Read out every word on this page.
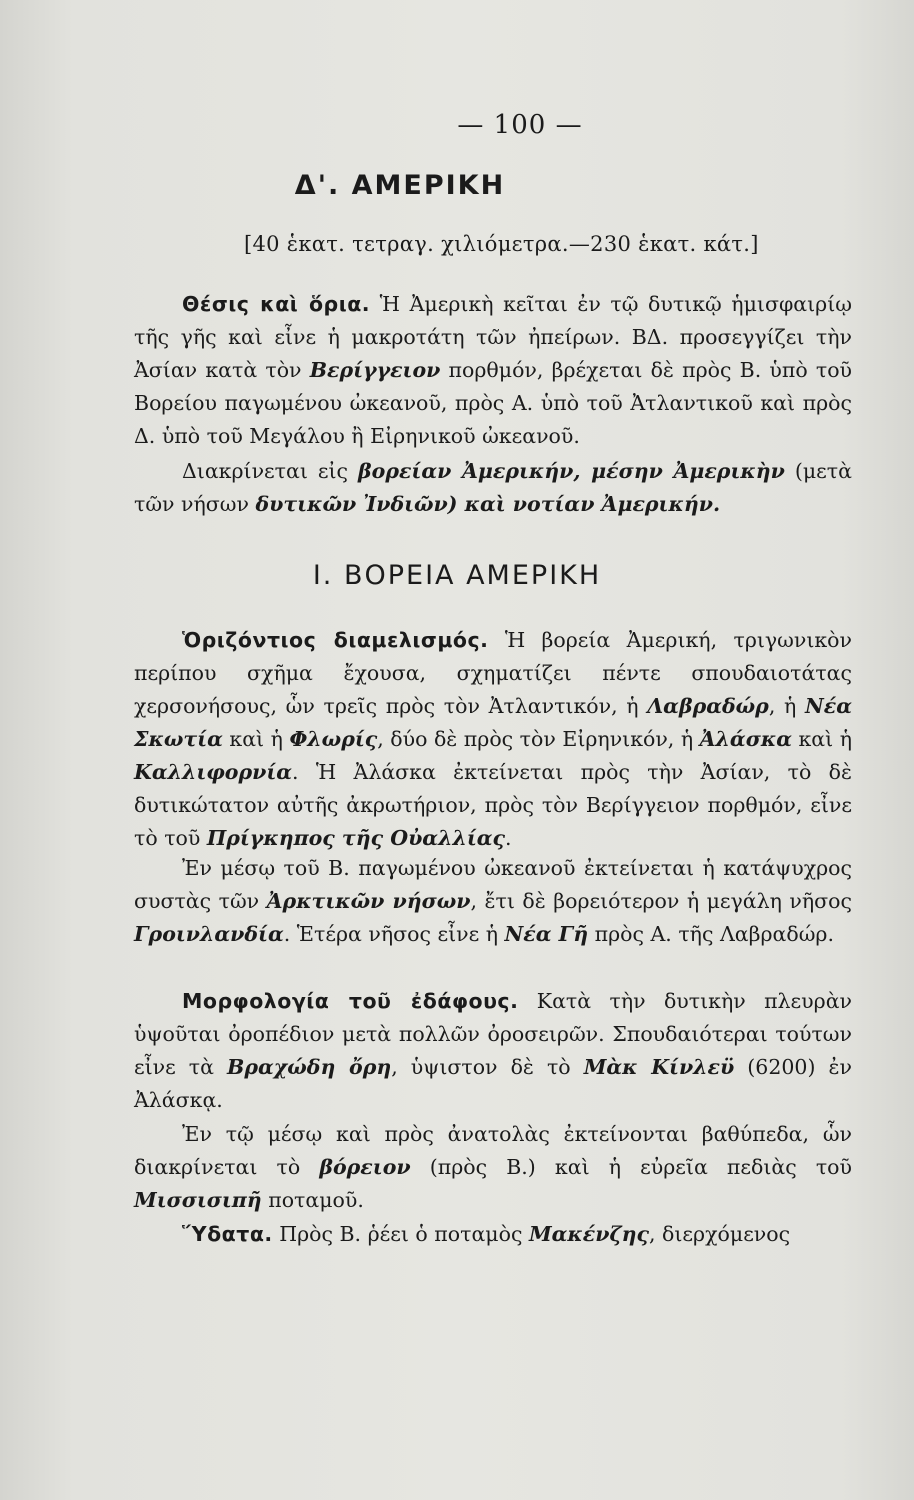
— 100 —
Δ'. ΑΜΕΡΙΚΗ
[40 ἑκατ. τετραγ. χιλιόμετρα.—230 ἑκατ. κάτ.]
Θέσις καὶ ὅρια. Ἡ Ἀμερικὴ κεῖται ἐν τῷ δυτικῷ ἡμισφαιρίῳ τῆς γῆς καὶ εἶνε ἡ μακροτάτη τῶν ἠπείρων. ΒΔ. προσεγγίζει τὴν Ἀσίαν κατὰ τὸν Βερίγγειον πορθμόν, βρέχεται δὲ πρὸς Β. ὑπὸ τοῦ Βορείου παγωμένου ὠκεανοῦ, πρὸς Α. ὑπὸ τοῦ Ἀτλαντικοῦ καὶ πρὸς Δ. ὑπὸ τοῦ Μεγάλου ἢ Εἰρηνικοῦ ὠκεανοῦ.
Διακρίνεται εἰς βορείαν Ἀμερικήν, μέσην Ἀμερικὴν (μετὰ τῶν νήσων δυτικῶν Ἰνδιῶν) καὶ νοτίαν Ἀμερικήν.
I. ΒΟΡΕΙΑ ΑΜΕΡΙΚΗ
Ὁριζόντιος διαμελισμός. Ἡ βορεία Ἀμερική, τριγωνικὸν περίπου σχῆμα ἔχουσα, σχηματίζει πέντε σπουδαιοτάτας χερσονήσους, ὧν τρεῖς πρὸς τὸν Ἀτλαντικόν, ἡ Λαβραδώρ, ἡ Νέα Σκωτία καὶ ἡ Φλωρίς, δύο δὲ πρὸς τὸν Εἰρηνικόν, ἡ Ἀλάσκα καὶ ἡ Καλλιφορνία. Ἡ Ἀλάσκα ἐκτείνεται πρὸς τὴν Ἀσίαν, τὸ δὲ δυτικώτατον αὐτῆς ἀκρωτήριον, πρὸς τὸν Βερίγγειον πορθμόν, εἶνε τὸ τοῦ Πρίγκηπος τῆς Οὐαλλίας.
Ἐν μέσῳ τοῦ Β. παγωμένου ὠκεανοῦ ἐκτείνεται ἡ κατάψυχρος συστὰς τῶν Ἀρκτικῶν νήσων, ἔτι δὲ βορειότερον ἡ μεγάλη νῆσος Γροινλανδία. Ἑτέρα νῆσος εἶνε ἡ Νέα Γῆ πρὸς Α. τῆς Λαβραδώρ.
Μορφολογία τοῦ ἐδάφους. Κατὰ τὴν δυτικὴν πλευρὰν ὑψοῦται ὀροπέδιον μετὰ πολλῶν ὀροσειρῶν. Σπουδαιότεραι τούτων εἶνε τὰ Βραχώδη ὄρη, ὑψιστον δὲ τὸ Μὰκ Κίνλεϋ (6200) ἐν Ἀλάσκᾳ.
Ἐν τῷ μέσῳ καὶ πρὸς ἀνατολὰς ἐκτείνονται βαθύπεδα, ὧν διακρίνεται τὸ βόρειον (πρὸς Β.) καὶ ἡ εὐρεῖα πεδιὰς τοῦ Μισσισιπῆ ποταμοῦ.
Ὕδατα. Πρὸς Β. ῥέει ὁ ποταμὸς Μακένζης, διερχόμενος
